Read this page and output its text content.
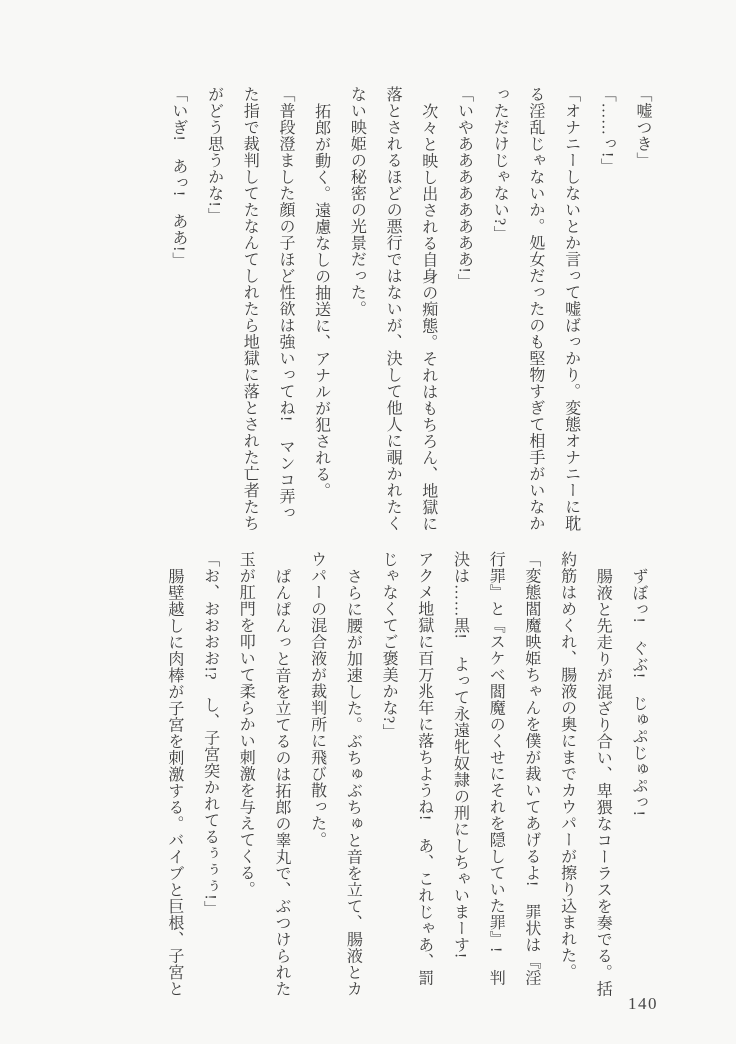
「嘘つき」
「……っ!」
「オナニーしないとか言って嘘ばっかり。変態オナニーに耽
る淫乱じゃないか。処女だったのも堅物すぎて相手がいなか
っただけじゃない?」
「いやああああああああ!」
次々と映し出される自身の痴態。それはもちろん、地獄に
落とされるほどの悪行ではないが、決して他人に覗かれたく
ない映姫の秘密の光景だった。
拓郎が動く。遠慮なしの抽送に、アナルが犯される。
「普段澄ました顔の子ほど性欲は強いってね!　マンコ弄っ
た指で裁判してたなんてしれたら地獄に落とされた亡者たち
がどう思うかな!」
「いぎ!　あっ!　ああ!」
ずぼっ!　ぐぶ!　じゅぷじゅぷっ!
腸液と先走りが混ざり合い、卑猥なコーラスを奏でる。括
約筋はめくれ、腸液の奥にまでカウパーが擦り込まれた。
「変態閻魔映姫ちゃんを僕が裁いてあげるよ!　罪状は『淫
行罪』と『スケベ閻魔のくせにそれを隠していた罪』!　判
決は……黒!　よって永遠牝奴隷の刑にしちゃいまーす!
アクメ地獄に百万兆年に落ちようね!　あ、これじゃあ、罰
じゃなくてご褒美かな?」
さらに腰が加速した。ぶちゅぶちゅと音を立て、腸液とカ
ウパーの混合液が裁判所に飛び散った。
ぱんぱんっと音を立てるのは拓郎の睾丸で、ぶつけられた
玉が肛門を叩いて柔らかい刺激を与えてくる。
「お、おおおお!?　し、子宮突かれてるぅぅぅ!」
腸壁越しに肉棒が子宮を刺激する。バイブと巨根、子宮と
140
